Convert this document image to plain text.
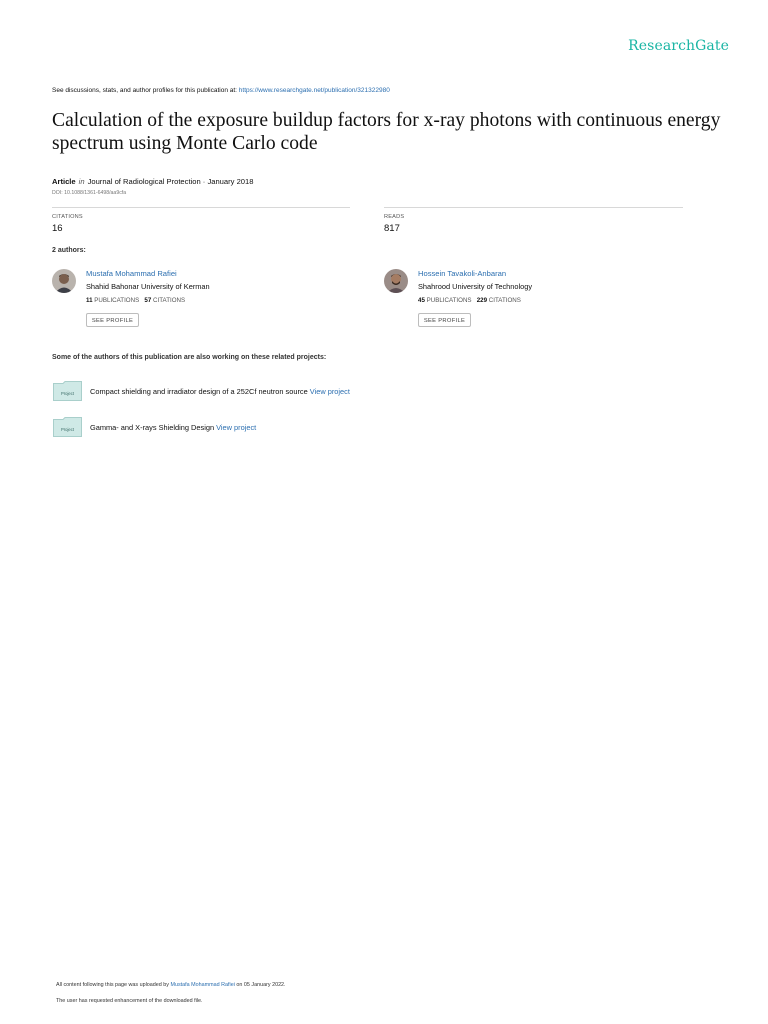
ResearchGate
See discussions, stats, and author profiles for this publication at: https://www.researchgate.net/publication/321322980
Calculation of the exposure buildup factors for x-ray photons with continuous energy spectrum using Monte Carlo code
Article in Journal of Radiological Protection · January 2018
DOI: 10.1088/1361-6498/aa9cfa
CITATIONS
16
READS
817
2 authors:
Mustafa Mohammad Rafiei
Shahid Bahonar University of Kerman
11 PUBLICATIONS 57 CITATIONS
SEE PROFILE
Hossein Tavakoli-Anbaran
Shahrood University of Technology
45 PUBLICATIONS 229 CITATIONS
SEE PROFILE
Some of the authors of this publication are also working on these related projects:
Project Compact shielding and irradiator design of a 252Cf neutron source View project
Project Gamma- and X-rays Shielding Design View project
All content following this page was uploaded by Mustafa Mohammad Rafiei on 05 January 2022.
The user has requested enhancement of the downloaded file.
